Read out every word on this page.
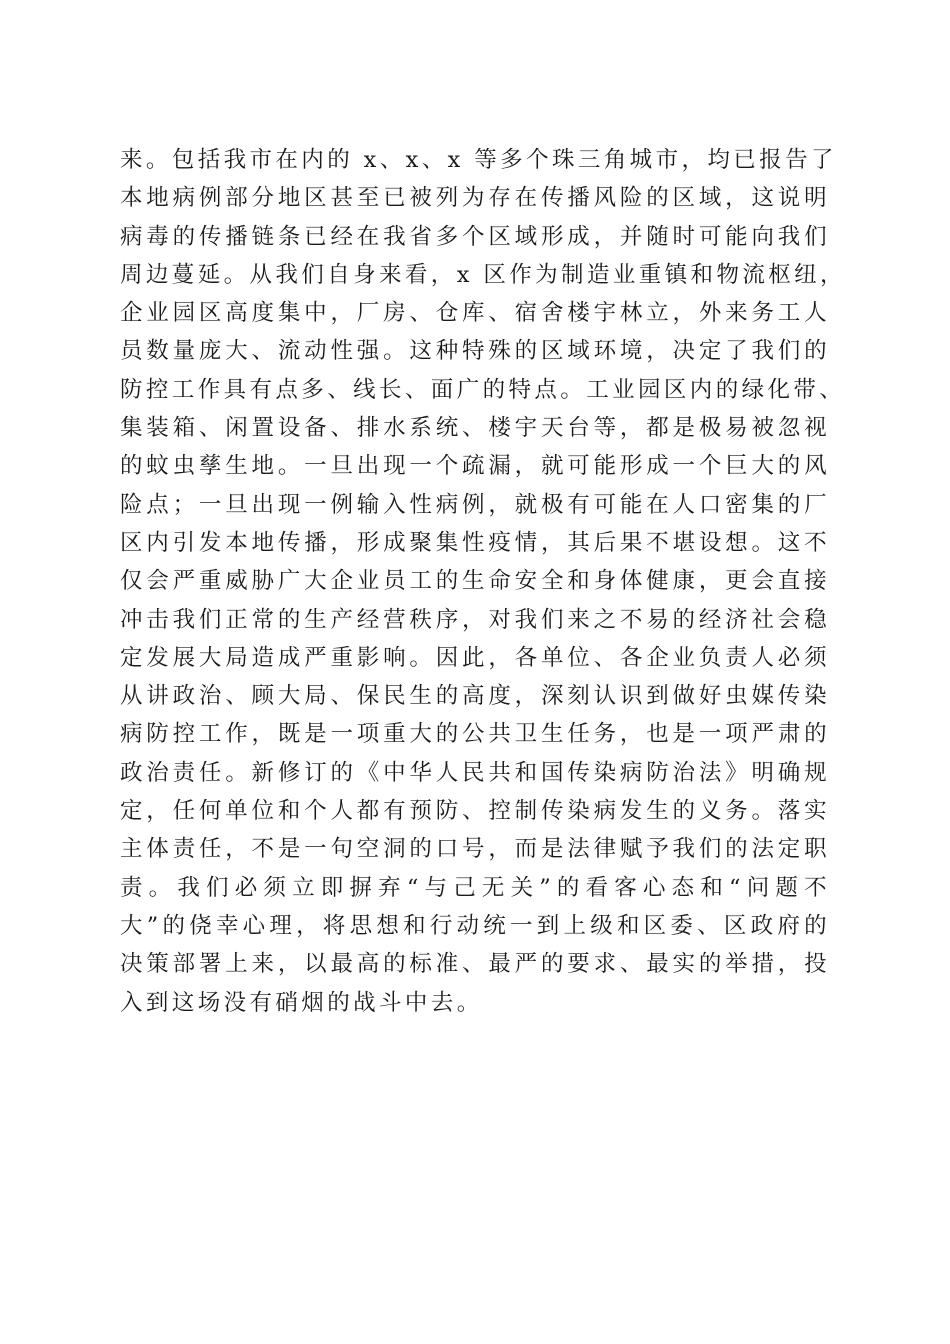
来。包括我市在内的 x、x、x 等多个珠三角城市，均已报告了
本地病例部分地区甚至已被列为存在传播风险的区域，这说明
病毒的传播链条已经在我省多个区域形成，并随时可能向我们
周边蔓延。从我们自身来看，x 区作为制造业重镇和物流枢纽，
企业园区高度集中，厂房、仓库、宿舍楼宇林立，外来务工人
员数量庞大、流动性强。这种特殊的区域环境，决定了我们的
防控工作具有点多、线长、面广的特点。工业园区内的绿化带、
集装箱、闲置设备、排水系统、楼宇天台等，都是极易被忽视
的蚊虫孳生地。一旦出现一个疏漏，就可能形成一个巨大的风
险点；一旦出现一例输入性病例，就极有可能在人口密集的厂
区内引发本地传播，形成聚集性疫情，其后果不堪设想。这不
仅会严重威胁广大企业员工的生命安全和身体健康，更会直接
冲击我们正常的生产经营秩序，对我们来之不易的经济社会稳
定发展大局造成严重影响。因此，各单位、各企业负责人必须
从讲政治、顾大局、保民生的高度，深刻认识到做好虫媒传染
病防控工作，既是一项重大的公共卫生任务，也是一项严肃的
政治责任。新修订的《中华人民共和国传染病防治法》明确规
定，任何单位和个人都有预防、控制传染病发生的义务。落实
主体责任，不是一句空洞的口号，而是法律赋予我们的法定职
责。我们必须立即摒弃“与己无关”的看客心态和“问题不
大”的侥幸心理，将思想和行动统一到上级和区委、区政府的
决策部署上来，以最高的标准、最严的要求、最实的举措，投
入到这场没有硝烟的战斗中去。
